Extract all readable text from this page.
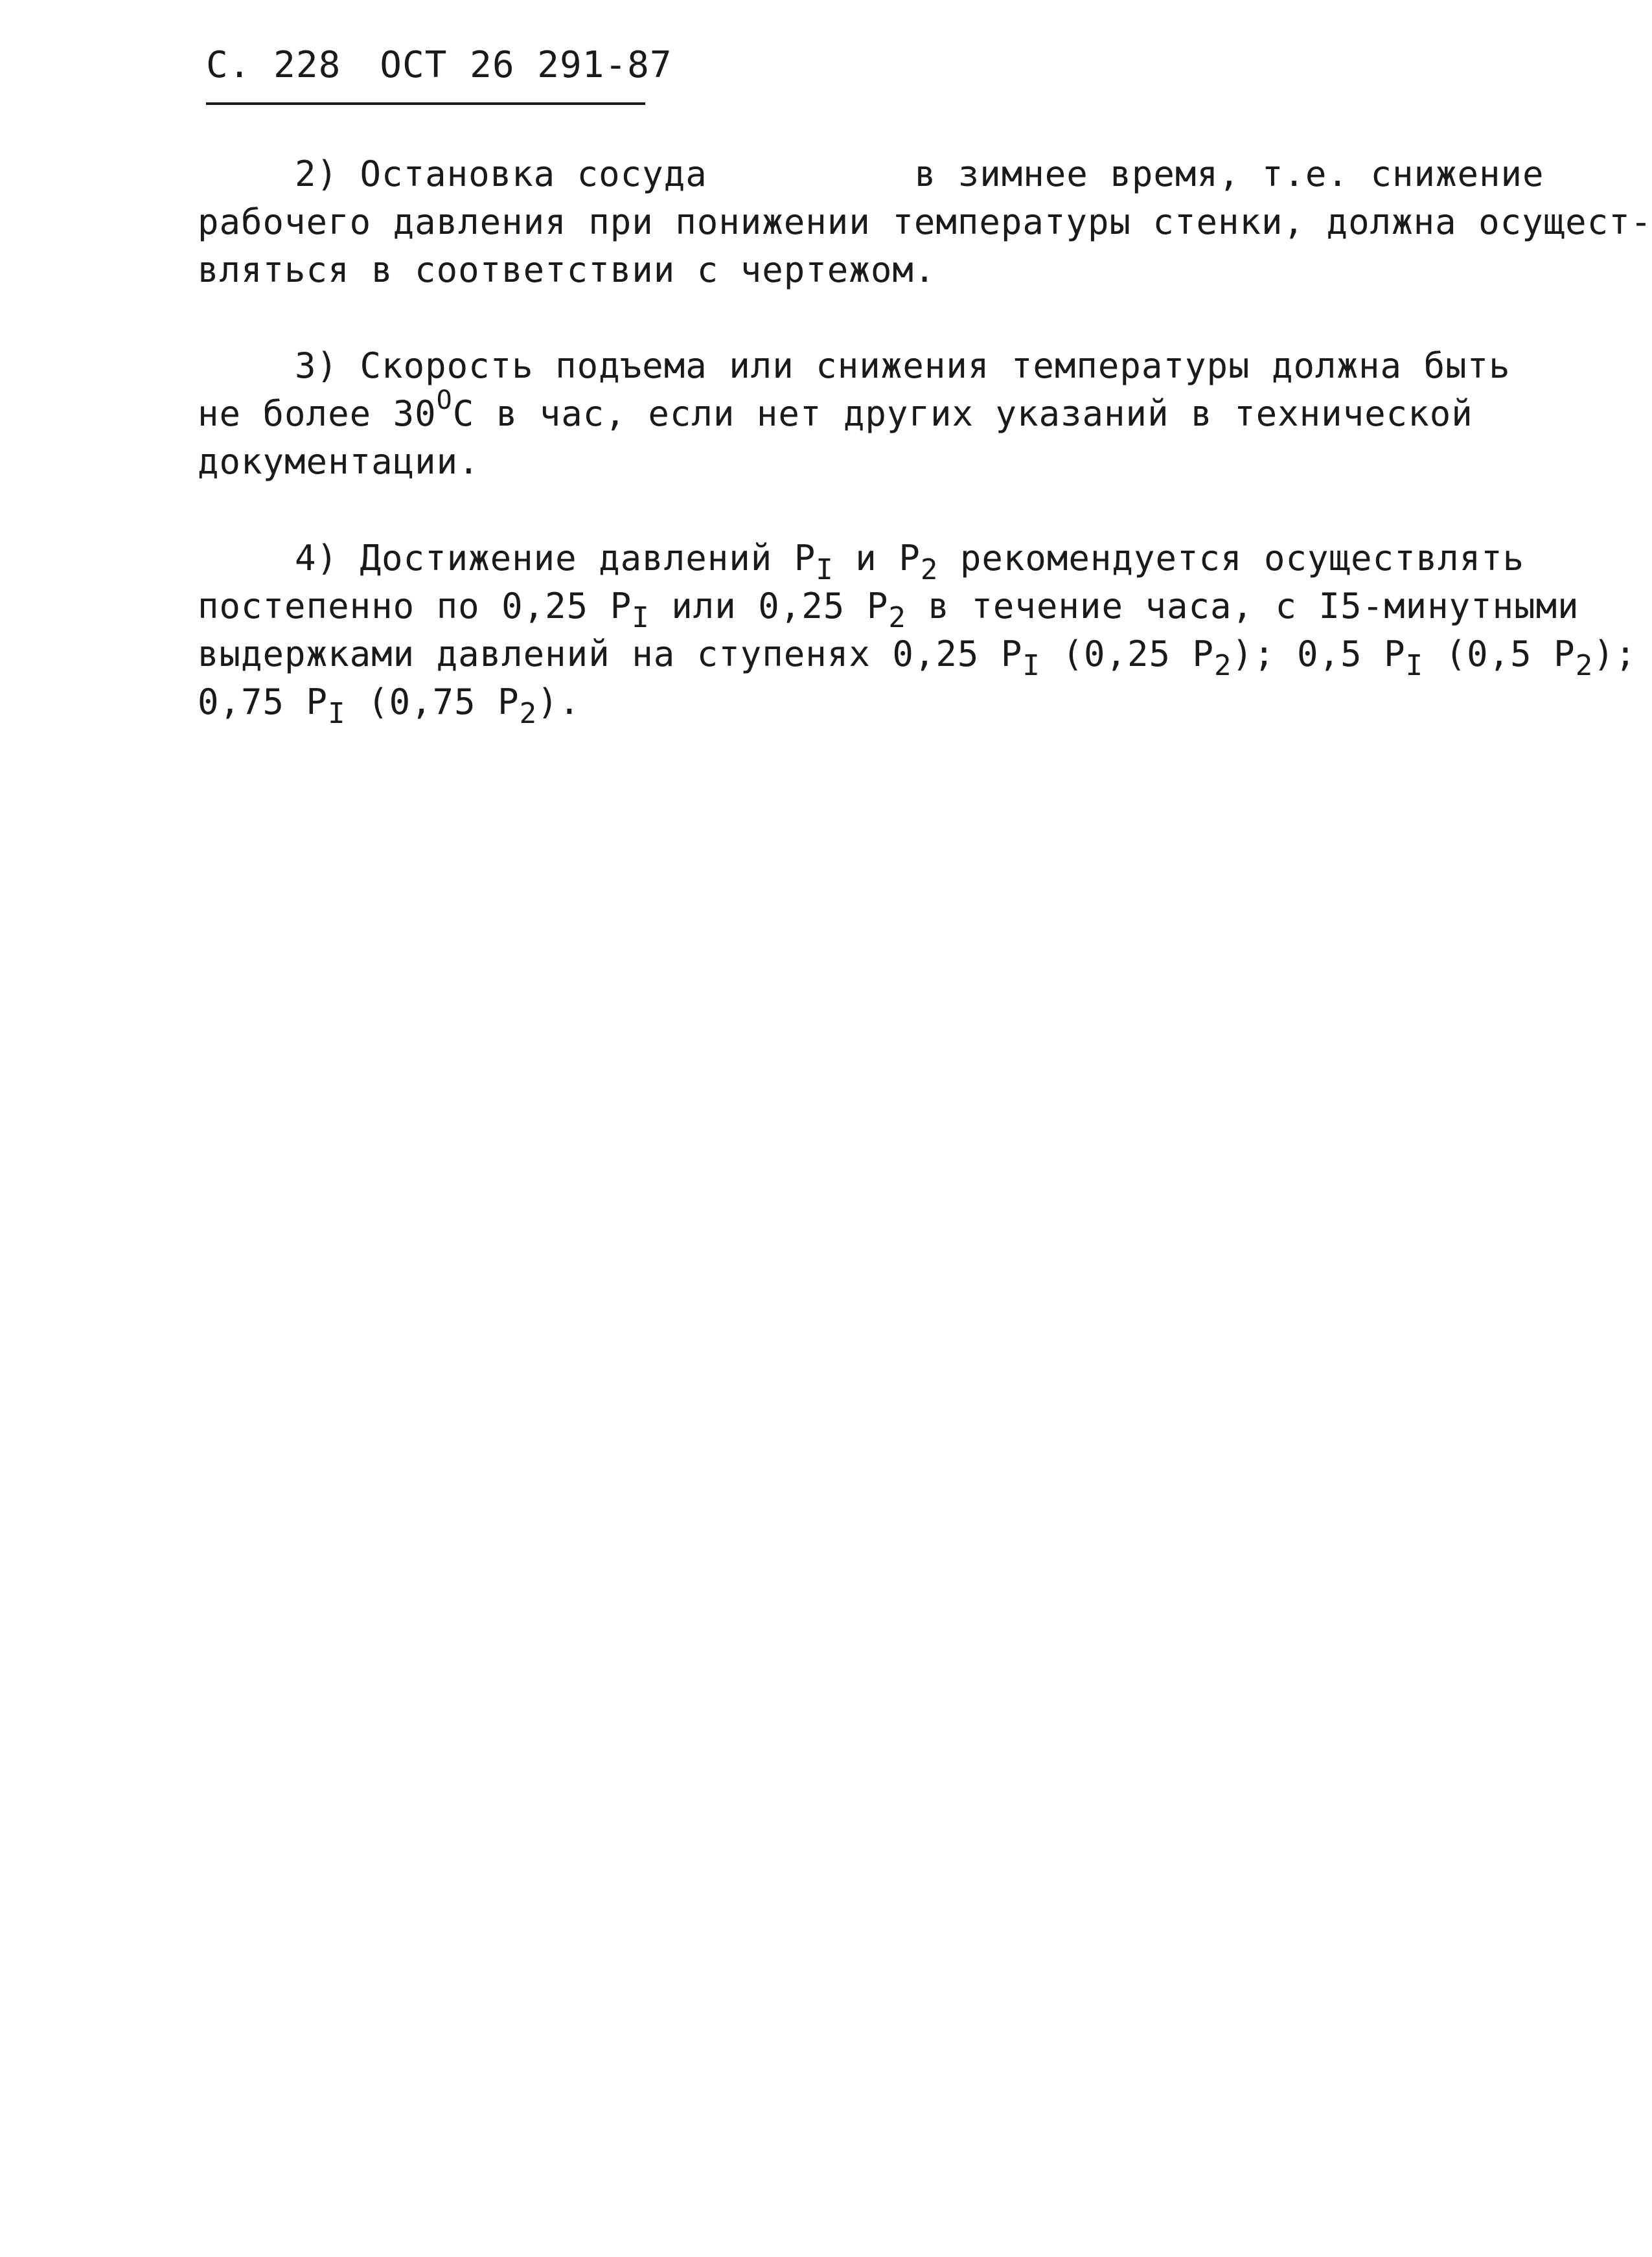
С. 228 ОСТ 26 291-87
2) Остановка сосуда	в зимнее время, т.е. снижение
рабочего давления при понижении температуры стенки, должна осущест-
вляться в соответствии с чертежом.
3) Скорость подъема или снижения температуры должна быть
не более $30^OС$ в час, если нет других указаний в технической
документации.
4) Достижение давлений $Р_I$ и $Р_2$ рекомендуется осуществлять
постепенно по 0,25 $Р_I$ или 0,25 $Р_2$ в течение часа, с I5-минутными
выдержками давлений на ступенях 0,25 $Р_I$ (0,25 $Р_2$); 0,5 $Р_I$ (0,5 $Р_2$);
0,75 $Р_I$ (0,75 $Р_2$).
